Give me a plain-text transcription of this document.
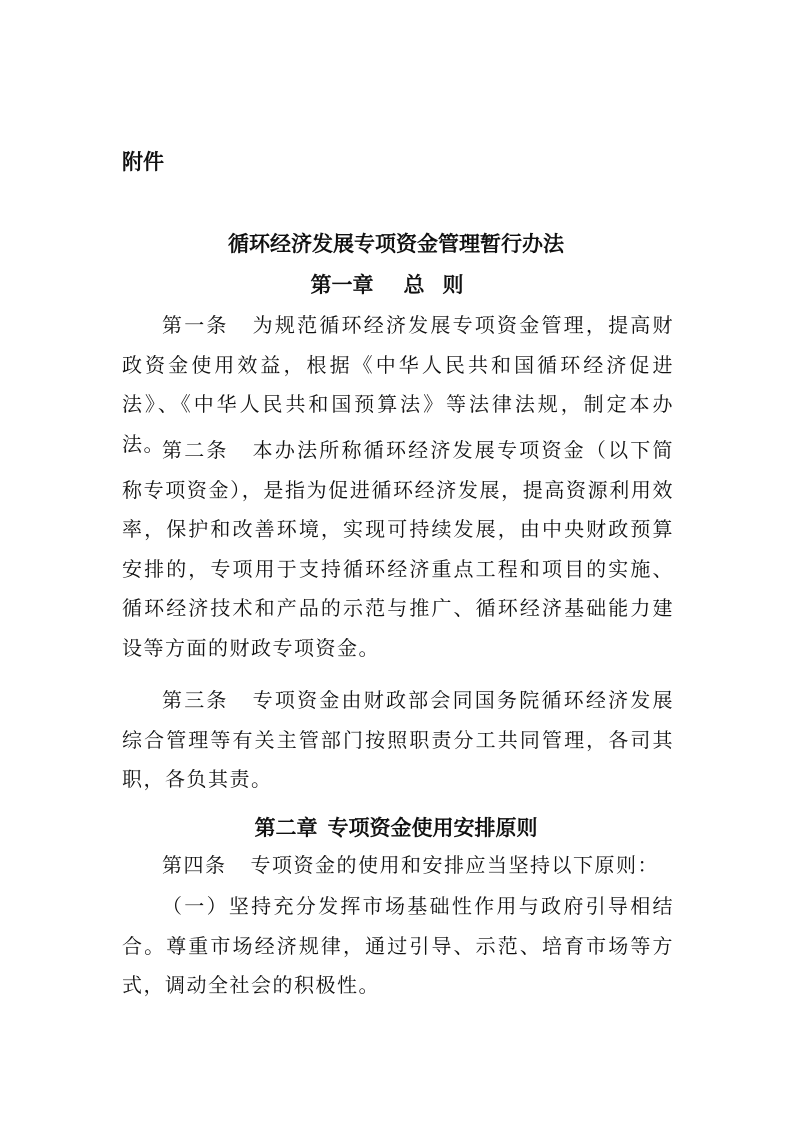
附件
循环经济发展专项资金管理暂行办法
第一章 总则

第一条 为规范循环经济发展专项资金管理，提高财政资金使用效益，根据《中华人民共和国循环经济促进法》、《中华人民共和国预算法》等法律法规，制定本办法。

第二条 本办法所称循环经济发展专项资金（以下简称专项资金），是指为促进循环经济发展，提高资源利用效率，保护和改善环境，实现可持续发展，由中央财政预算安排的，专项用于支持循环经济重点工程和项目的实施、循环经济技术和产品的示范与推广、循环经济基础能力建设等方面的财政专项资金。

第三条 专项资金由财政部会同国务院循环经济发展综合管理等有关主管部门按照职责分工共同管理，各司其职，各负其责。

第二章 专项资金使用安排原则

第四条 专项资金的使用和安排应当坚持以下原则：

（一）坚持充分发挥市场基础性作用与政府引导相结合。尊重市场经济规律，通过引导、示范、培育市场等方式，调动全社会的积极性。
